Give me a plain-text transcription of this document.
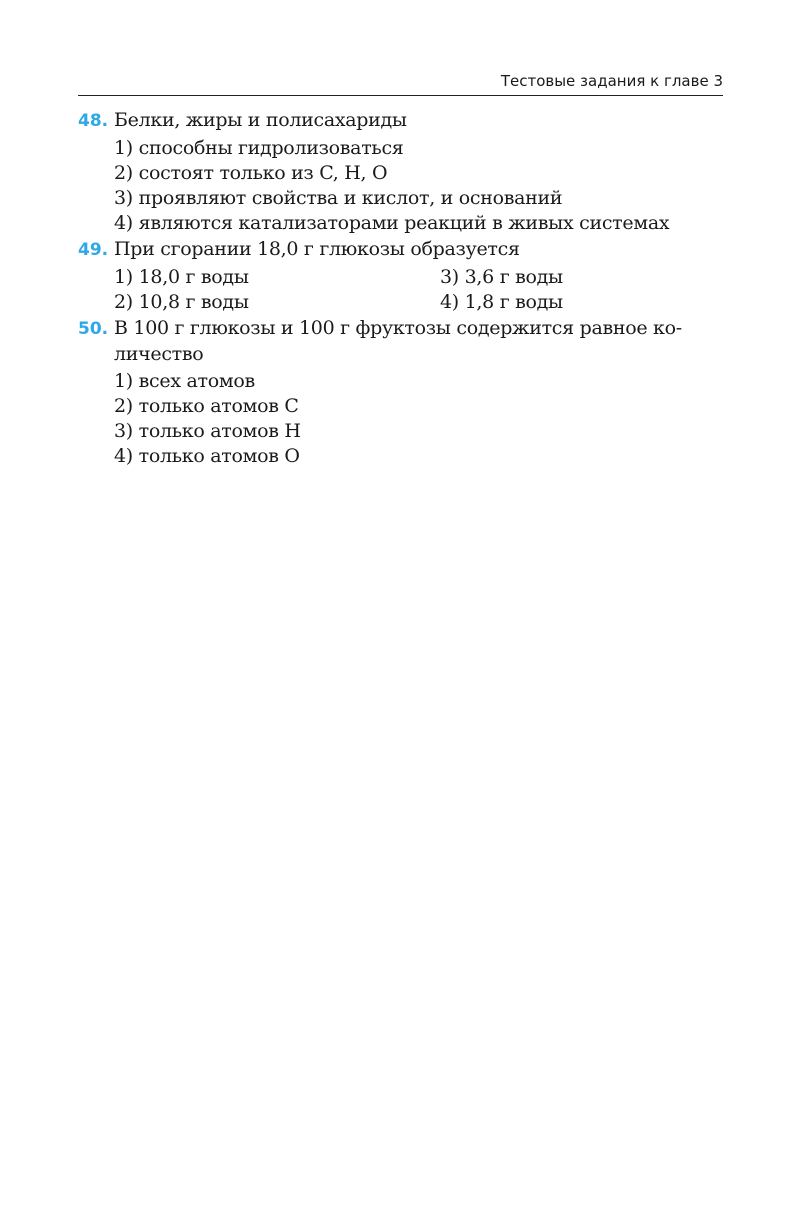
Тестовые задания к главе 3
48. Белки, жиры и полисахариды
1) способны гидролизоваться
2) состоят только из C, H, O
3) проявляют свойства и кислот, и оснований
4) являются катализаторами реакций в живых системах
49. При сгорании 18,0 г глюкозы образуется
1) 18,0 г воды	3) 3,6 г воды
2) 10,8 г воды	4) 1,8 г воды
50. В 100 г глюкозы и 100 г фруктозы содержится равное ко-
личество
1) всех атомов
2) только атомов C
3) только атомов H
4) только атомов O
